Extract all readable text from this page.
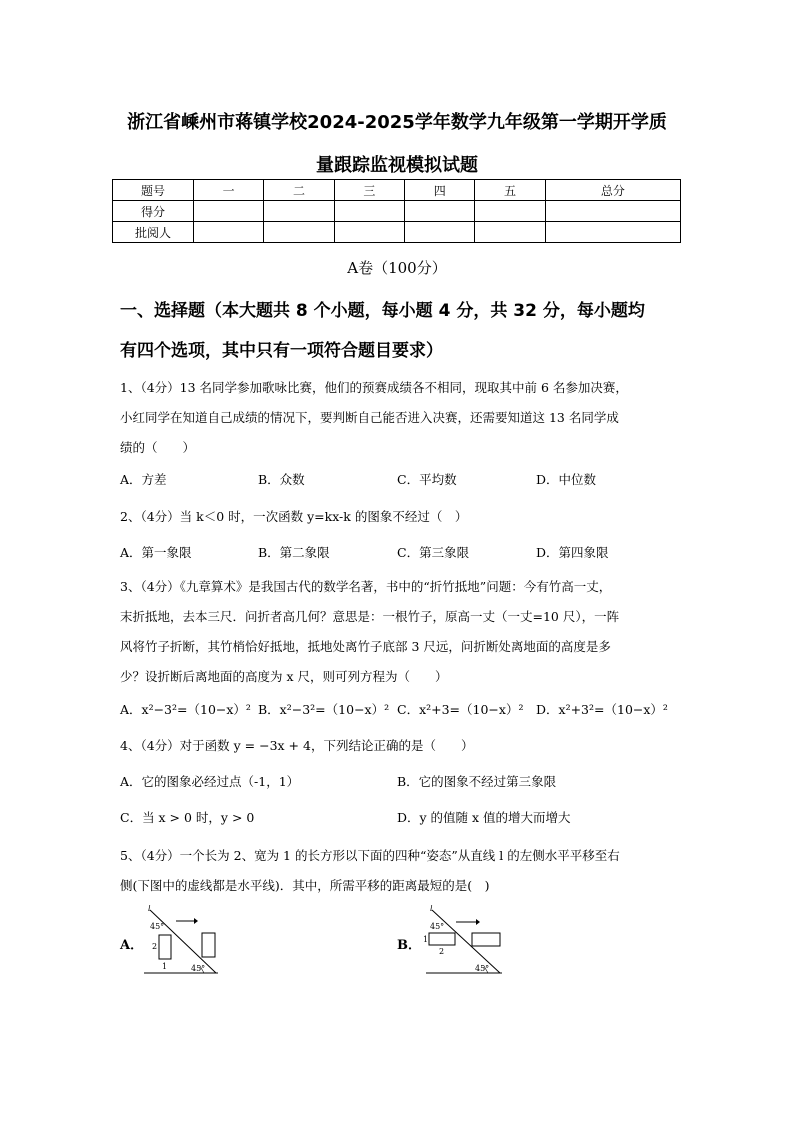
浙江省嵊州市蒋镇学校2024-2025学年数学九年级第一学期开学质
量跟踪监视模拟试题
题号	一	二	三	四	五	总分
得分						
批阅人						
A卷（100分）
一、选择题（本大题共 8 个小题，每小题 4 分，共 32 分，每小题均
有四个选项，其中只有一项符合题目要求）
1、（4分）13 名同学参加歌咏比赛，他们的预赛成绩各不相同，现取其中前 6 名参加决赛，
小红同学在知道自己成绩的情况下，要判断自己能否进入决赛，还需要知道这 13 名同学成
绩的（　　）
A．方差	B．众数	C．平均数	D．中位数
2、（4分）当 k＜0 时，一次函数 y=kx-k 的图象不经过（　）
A．第一象限	B．第二象限	C．第三象限	D．第四象限
3、（4分）《九章算术》是我国古代的数学名著，书中的“折竹抵地”问题：今有竹高一丈，
末折抵地，去本三尺．问折者高几何？意思是：一根竹子，原高一丈（一丈=10 尺），一阵
风将竹子折断，其竹梢恰好抵地，抵地处离竹子底部 3 尺远，问折断处离地面的高度是多
少？设折断后离地面的高度为 x 尺，则可列方程为（　　）
A．x²−3²=（10−x）² B．x²−3²=（10−x）² C．x²+3=（10−x）² D．x²+3²=（10−x）²
4、（4分）对于函数 y = −3x + 4，下列结论正确的是（　　）
A．它的图象必经过点（-1，1）	B．它的图象不经过第三象限
C．当 x > 0 时，y > 0	D．y 的值随 x 值的增大而增大
5、（4分）一个长为 2、宽为 1 的长方形以下面的四种“姿态”从直线 l 的左侧水平平移至右
侧(下图中的虚线都是水平线)．其中，所需平移的距离最短的是(　)
A．
l
45°
2
1	45°
B．
l
45°
1
2
45°
